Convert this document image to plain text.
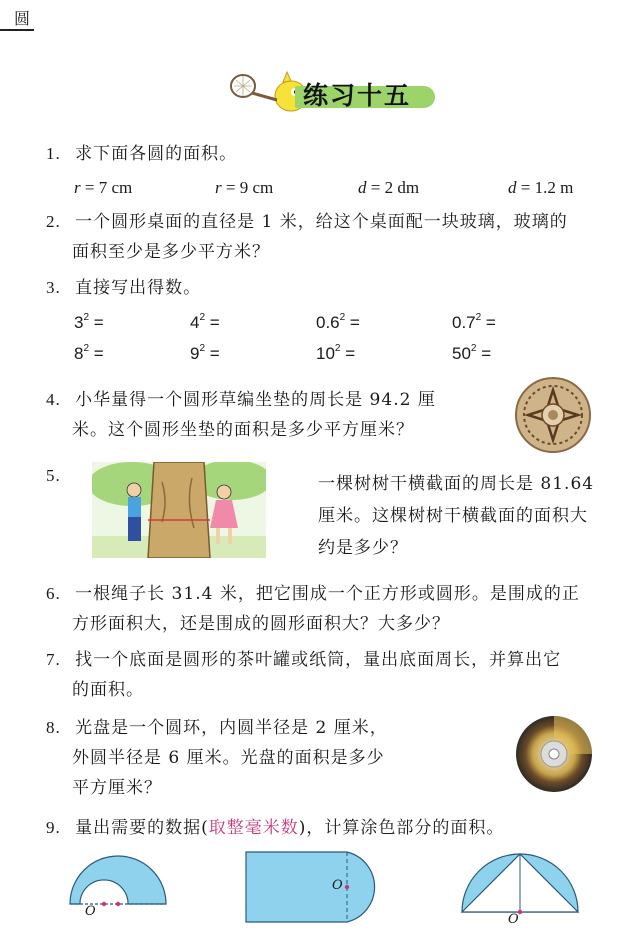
圆
练习十五
1. 求下面各圆的面积。
r = 7 cm	r = 9 cm	d = 2 dm	d = 1.2 m
2. 一个圆形桌面的直径是 1 米，给这个桌面配一块玻璃，玻璃的
面积至少是多少平方米？
3. 直接写出得数。
$3^2$ =	$4^2$ =	$0.6^2$ =	$0.7^2$ =
$8^2$ =	$9^2$ =	$10^2$ =	$50^2$ =
4. 小华量得一个圆形草编坐垫的周长是 94.2 厘
米。这个圆形坐垫的面积是多少平方厘米？
5.	一棵树树干横截面的周长是 81.64
厘米。这棵树树干横截面的面积大
约是多少？
6. 一根绳子长 31.4 米，把它围成一个正方形或圆形。是围成的正
方形面积大，还是围成的圆形面积大？大多少？
7. 找一个底面是圆形的茶叶罐或纸筒，量出底面周长，并算出它
的面积。
8. 光盘是一个圆环，内圆半径是 2 厘米，
外圆半径是 6 厘米。光盘的面积是多少
平方厘米？
9. 量出需要的数据(取整毫米数)，计算涂色部分的面积。
O
O
O
